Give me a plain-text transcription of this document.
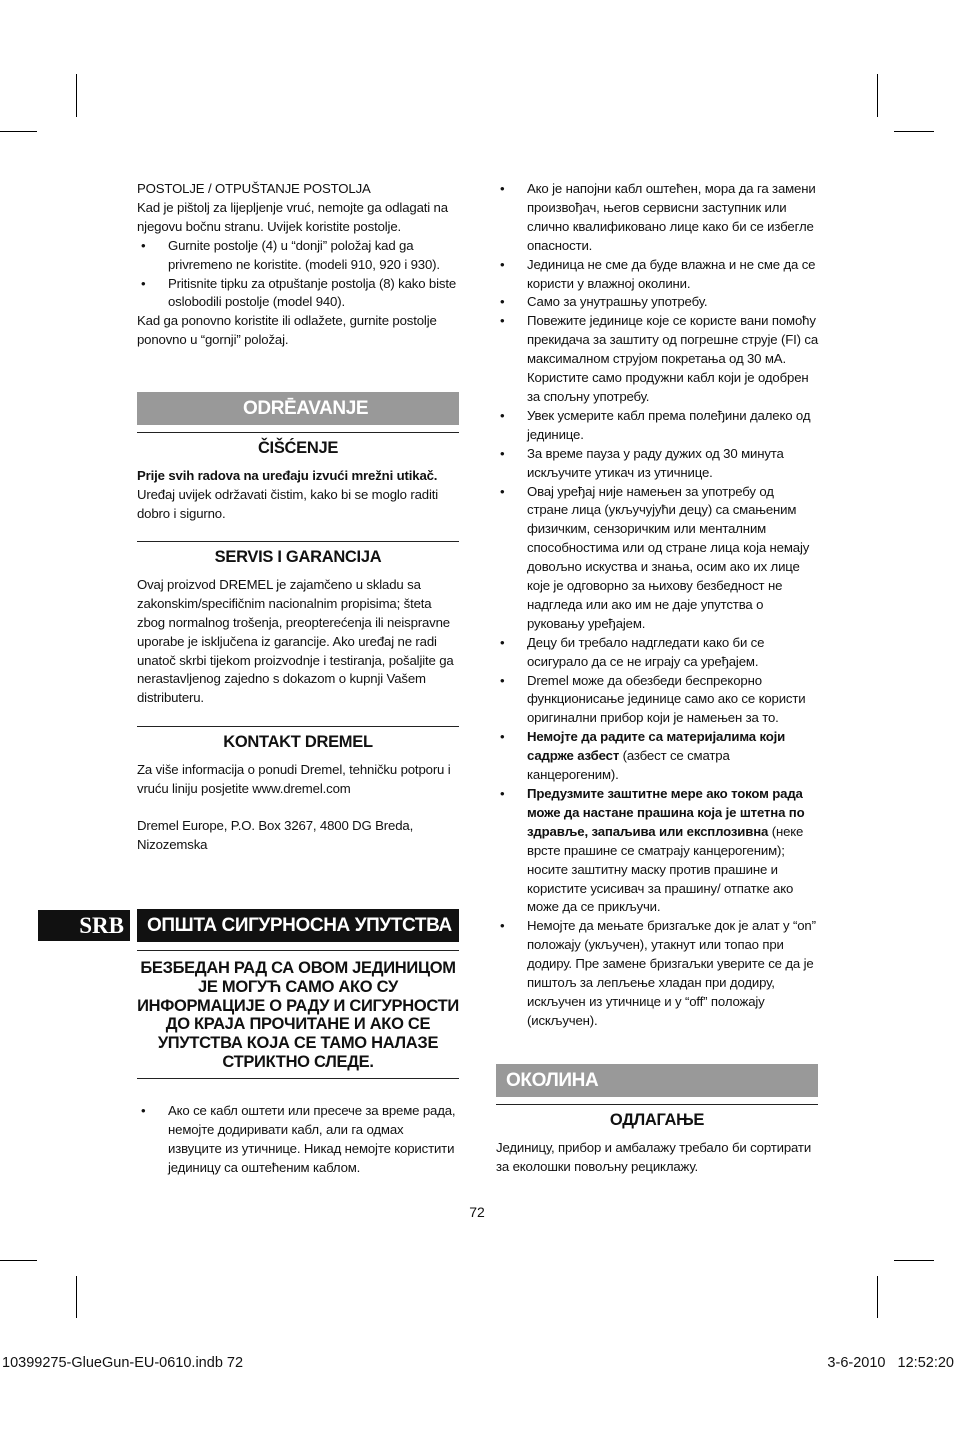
POSTOLJE / OTPUŠTANJE POSTOLJA

Kad je pištolj za lijepljenje vruć, nemojte ga odlagati na njegovu bočnu stranu. Uvijek koristite postolje.

• Gurnite postolje (4) u “donji” položaj kad ga privremeno ne koristite. (modeli 910, 920 i 930).
• Pritisnite tipku za otpuštanje postolja (8) kako biste oslobodili postolje (model 940).

Kad ga ponovno koristite ili odlažete, gurnite postolje ponovno u “gornji” položaj.

ODRĒAVANJE
ČIŠĆENJE

Prije svih radova na uređaju izvući mrežni utikač. Uređaj uvijek održavati čistim, kako bi se moglo raditi dobro i sigurno.

SERVIS I GARANCIJA

Ovaj proizvod DREMEL je zajamčeno u skladu sa zakonskim/specifičnim nacionalnim propisima; šteta zbog normalnog trošenja, preopterećenja ili neispravne uporabe je isključena iz garancije. Ako uređaj ne radi unatoč skrbi tijekom proizvodnje i testiranja, pošaljite ga nerastavljenog zajedno s dokazom o kupnji Vašem distributeru.

KONTAKT DREMEL

Za više informacija o ponudi Dremel, tehničku potporu i vruću liniju posjetite www.dremel.com

Dremel Europe, P.O. Box 3267, 4800 DG Breda, Nizozemska

SRB	ОПШТА СИГУРНОСНА УПУТСТВА
БЕЗБЕДАН РАД СА ОВОМ ЈЕДИНИЦОМ ЈЕ МОГУЋ САМО АКО СУ ИНФОРМАЦИЈЕ О РАДУ И СИГУРНОСТИ ДО КРАЈА ПРОЧИТАНЕ И АКО СЕ УПУТСТВА КОЈА СЕ ТАМО НАЛАЗЕ СТРИКТНО СЛЕДЕ.
• Ако се кабл оштети или пресече за време рада, немојте додиривати кабл, али га одмах извуците из утичнице. Никад немојте користити јединицу са оштећеним каблом.
• Ако је напојни кабл оштећен, мора да га замени произвођач, његов сервисни заступник или слично квалификовано лице како би се избегле опасности.
• Јединица не сме да буде влажна и не сме да се користи у влажној околини.
• Само за унутрашњу употребу.
• Повежите јединице које се користе вани помоћу прекидача за заштиту од погрешне струје (FI) са максималном струјом покретања од 30 мА. Користите само продужни кабл који је одобрен за спољну употребу.
• Увек усмерите кабл према полеђини далеко од јединице.
• За време пауза у раду дужих од 30 минута искључите утикач из утичнице.
• Овај уређај није намењен за употребу од стране лица (укључујући децу) са смањеним физичким, сензоричким или менталним способностима или од стране лица која немају довољно искуства и знања, осим ако их лице које је одговорно за њихову безбедност не надгледа или ако им не даје упутства о руковању уређајем.
• Децу би требало надгледати како би се осигурало да се не играју са уређајем.
• Dremel може да обезбеди беспрекорно функционисање јединице само ако се користи оригинални прибор који је намењен за то.
• Немојте да радите са материјалима који садрже азбест (азбест се сматра канцерогеним).
• Предузмите заштитне мере ако током рада може да настане прашина која је штетна по здравље, запаљива или експлозивна (неке врсте прашине се сматрају канцерогеним); носите заштитну маску против прашине и користите усисивач за прашину/ отпатке ако може да се прикључи.
• Немојте да мењате бризгаљке док је алат у “on” положају (укључен), утакнут или топао при додиру. Пре замене бризгаљки уверите се да је пиштољ за лепљење хладан при додиру, искључен из утичнице и у “off” положају (искључен).
ОКОЛИНА
ОДЛАГАЊЕ

Јединицу, прибор и амбалажу требало би сортирати за еколошки повољну рециклажу.

72
10399275-GlueGun-EU-0610.indb 72	3-6-2010   12:52:20
